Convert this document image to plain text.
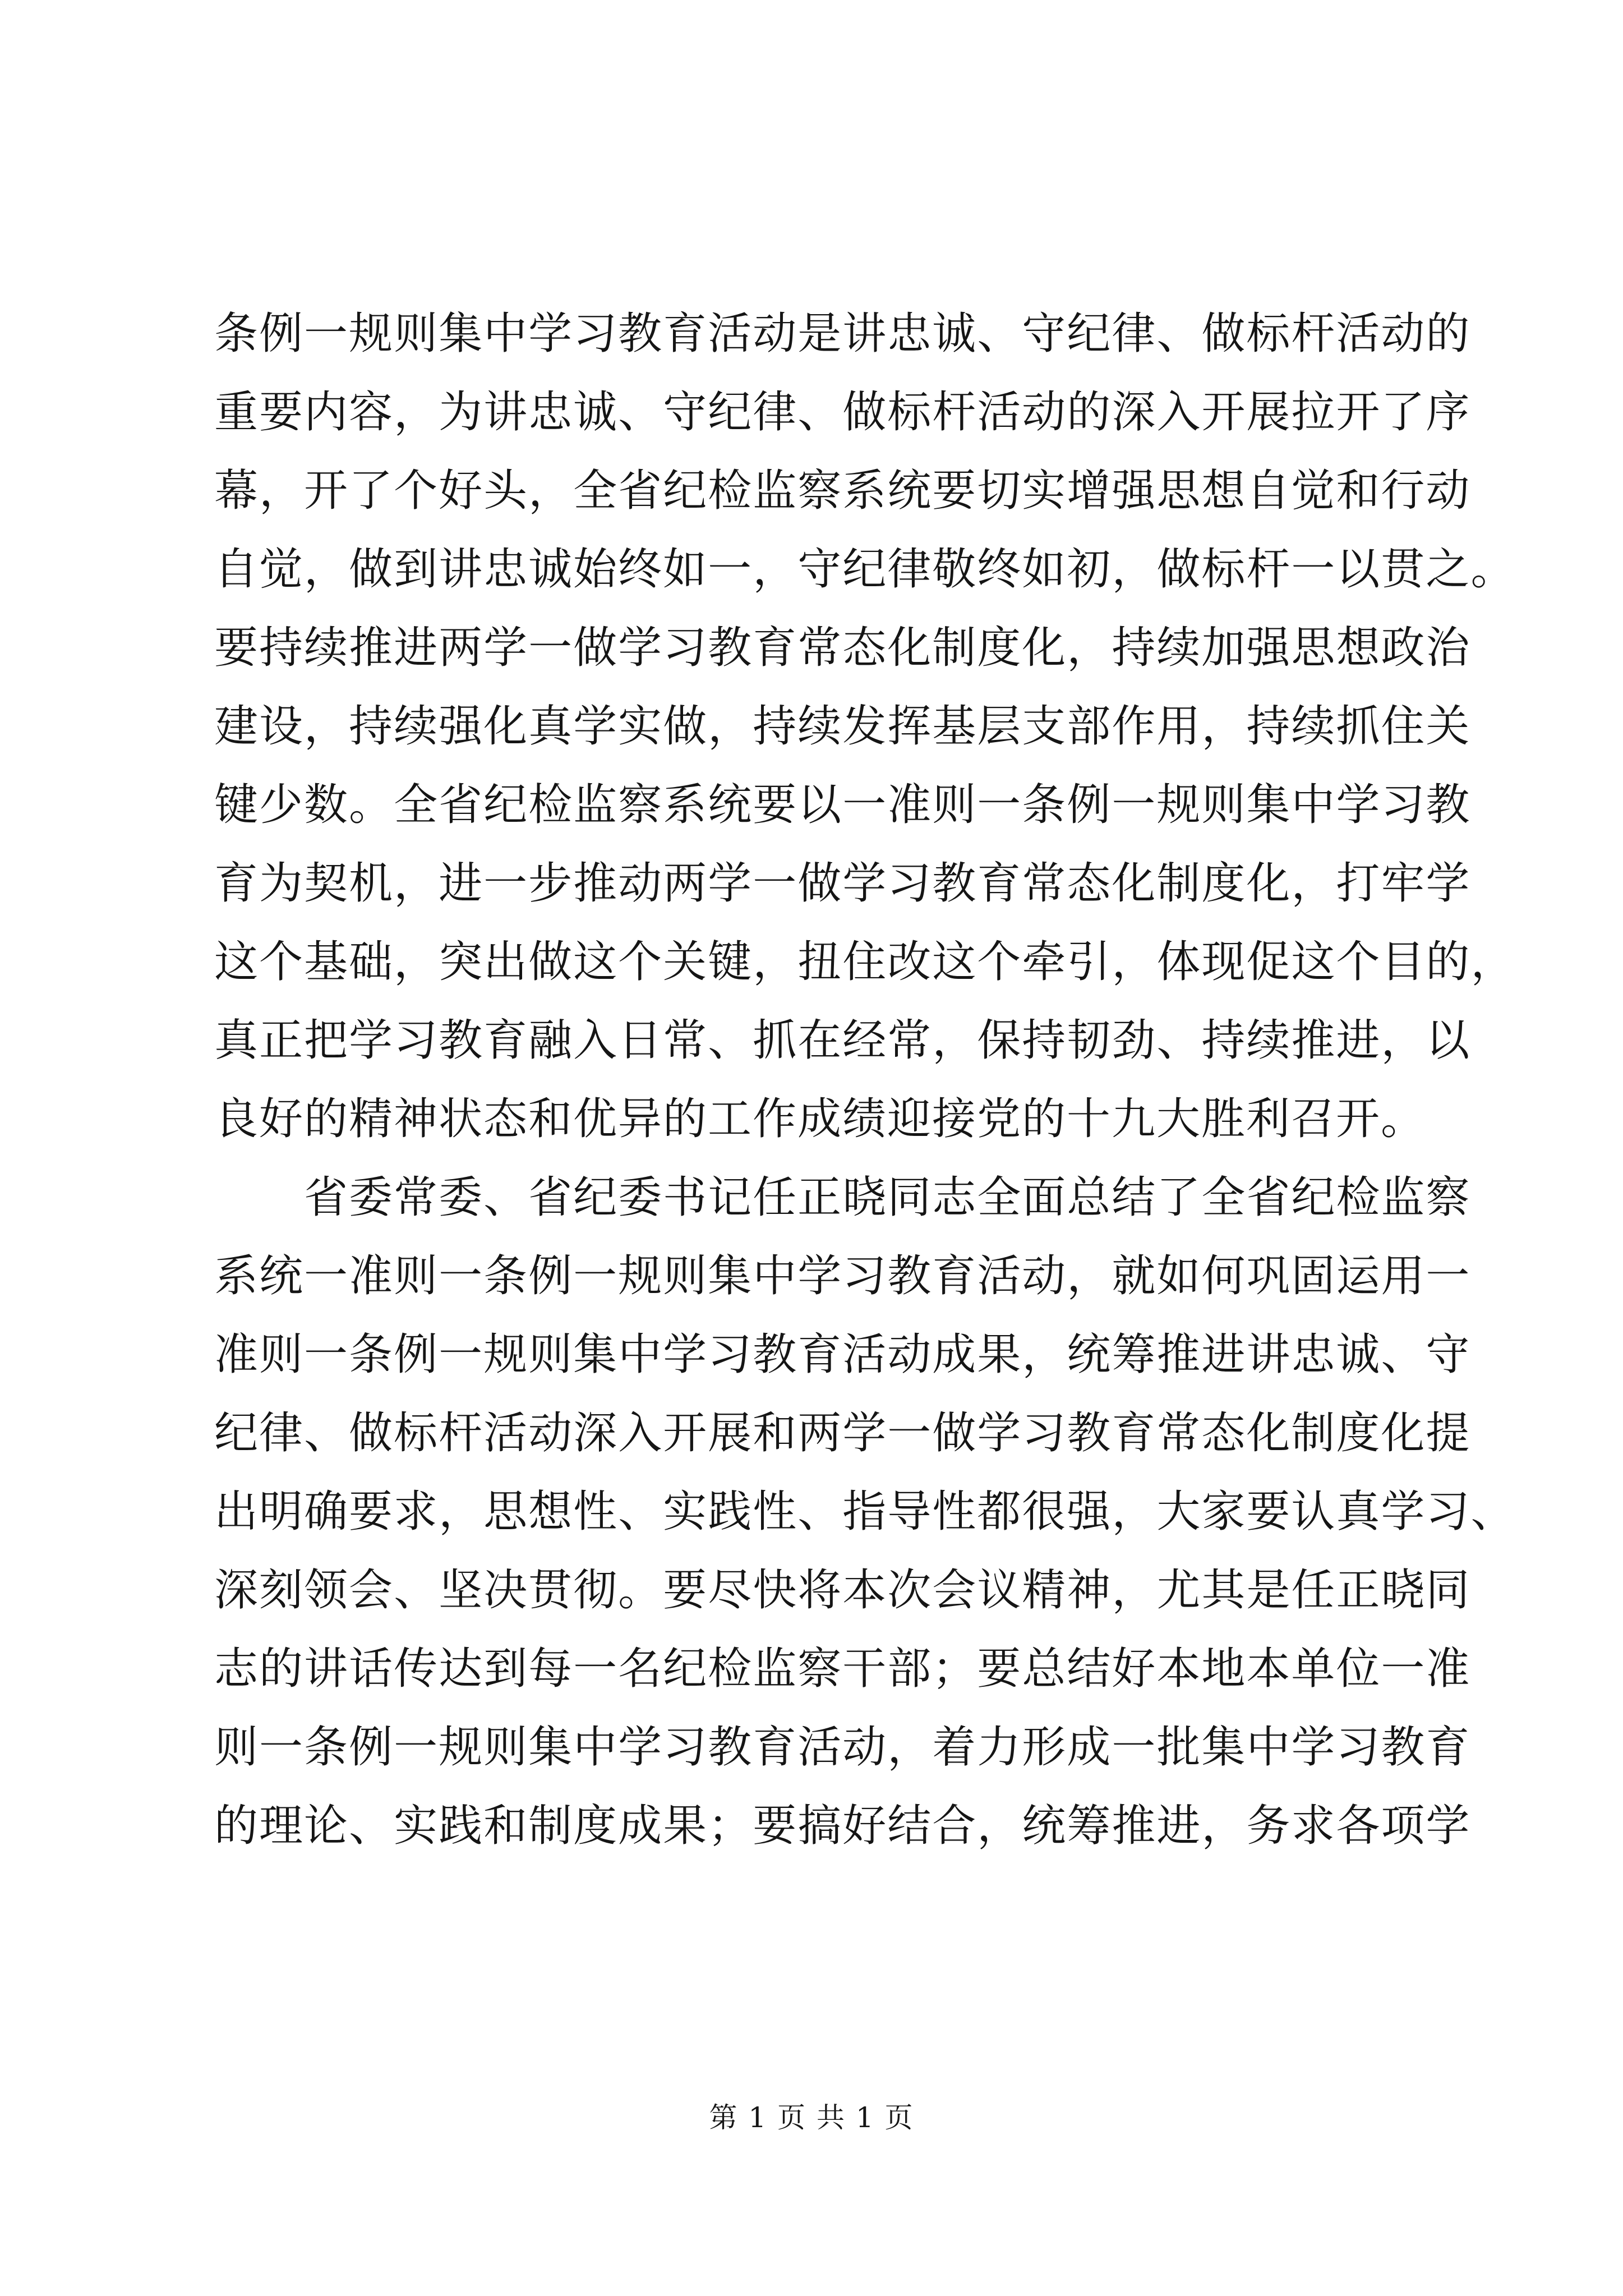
条 例 一 规 则 集 中 学 习 教 育 活 动 是 讲 忠 诚 、 守 纪 律 、 做 标 杆 活 动 的
重 要 内 容 ， 为 讲 忠 诚 、 守 纪 律 、 做 标 杆 活 动 的 深 入 开 展 拉 开 了 序
幕 ， 开 了 个 好 头 ， 全 省 纪 检 监 察 系 统 要 切 实 增 强 思 想 自 觉 和 行 动
自 觉 ， 做 到 讲 忠 诚 始 终 如 一 ， 守 纪 律 敬 终 如 初 ， 做 标 杆 一 以 贯 之 。
要 持 续 推 进 两 学 一 做 学 习 教 育 常 态 化 制 度 化 ， 持 续 加 强 思 想 政 治
建 设 ， 持 续 强 化 真 学 实 做 ， 持 续 发 挥 基 层 支 部 作 用 ， 持 续 抓 住 关
键 少 数 。 全 省 纪 检 监 察 系 统 要 以 一 准 则 一 条 例 一 规 则 集 中 学 习 教
育 为 契 机 ， 进 一 步 推 动 两 学 一 做 学 习 教 育 常 态 化 制 度 化 ， 打 牢 学
这 个 基 础 ， 突 出 做 这 个 关 键 ， 扭 住 改 这 个 牵 引 ， 体 现 促 这 个 目 的 ，
真 正 把 学 习 教 育 融 入 日 常 、 抓 在 经 常 ， 保 持 韧 劲 、 持 续 推 进 ， 以
良好的精神状态和优异的工作成绩迎接党的十九大胜利召开。
省 委 常 委 、 省 纪 委 书 记 任 正 晓 同 志 全 面 总 结 了 全 省 纪 检 监 察
系 统 一 准 则 一 条 例 一 规 则 集 中 学 习 教 育 活 动 ， 就 如 何 巩 固 运 用 一
准 则 一 条 例 一 规 则 集 中 学 习 教 育 活 动 成 果 ， 统 筹 推 进 讲 忠 诚 、 守
纪 律 、 做 标 杆 活 动 深 入 开 展 和 两 学 一 做 学 习 教 育 常 态 化 制 度 化 提
出 明 确 要 求 ， 思 想 性 、 实 践 性 、 指 导 性 都 很 强 ， 大 家 要 认 真 学 习 、
深 刻 领 会 、 坚 决 贯 彻 。 要 尽 快 将 本 次 会 议 精 神 ， 尤 其 是 任 正 晓 同
志 的 讲 话 传 达 到 每 一 名 纪 检 监 察 干 部 ； 要 总 结 好 本 地 本 单 位 一 准
则 一 条 例 一 规 则 集 中 学 习 教 育 活 动 ， 着 力 形 成 一 批 集 中 学 习 教 育
的 理 论 、 实 践 和 制 度 成 果 ； 要 搞 好 结 合 ， 统 筹 推 进 ， 务 求 各 项 学
第 1 页 共 1 页
